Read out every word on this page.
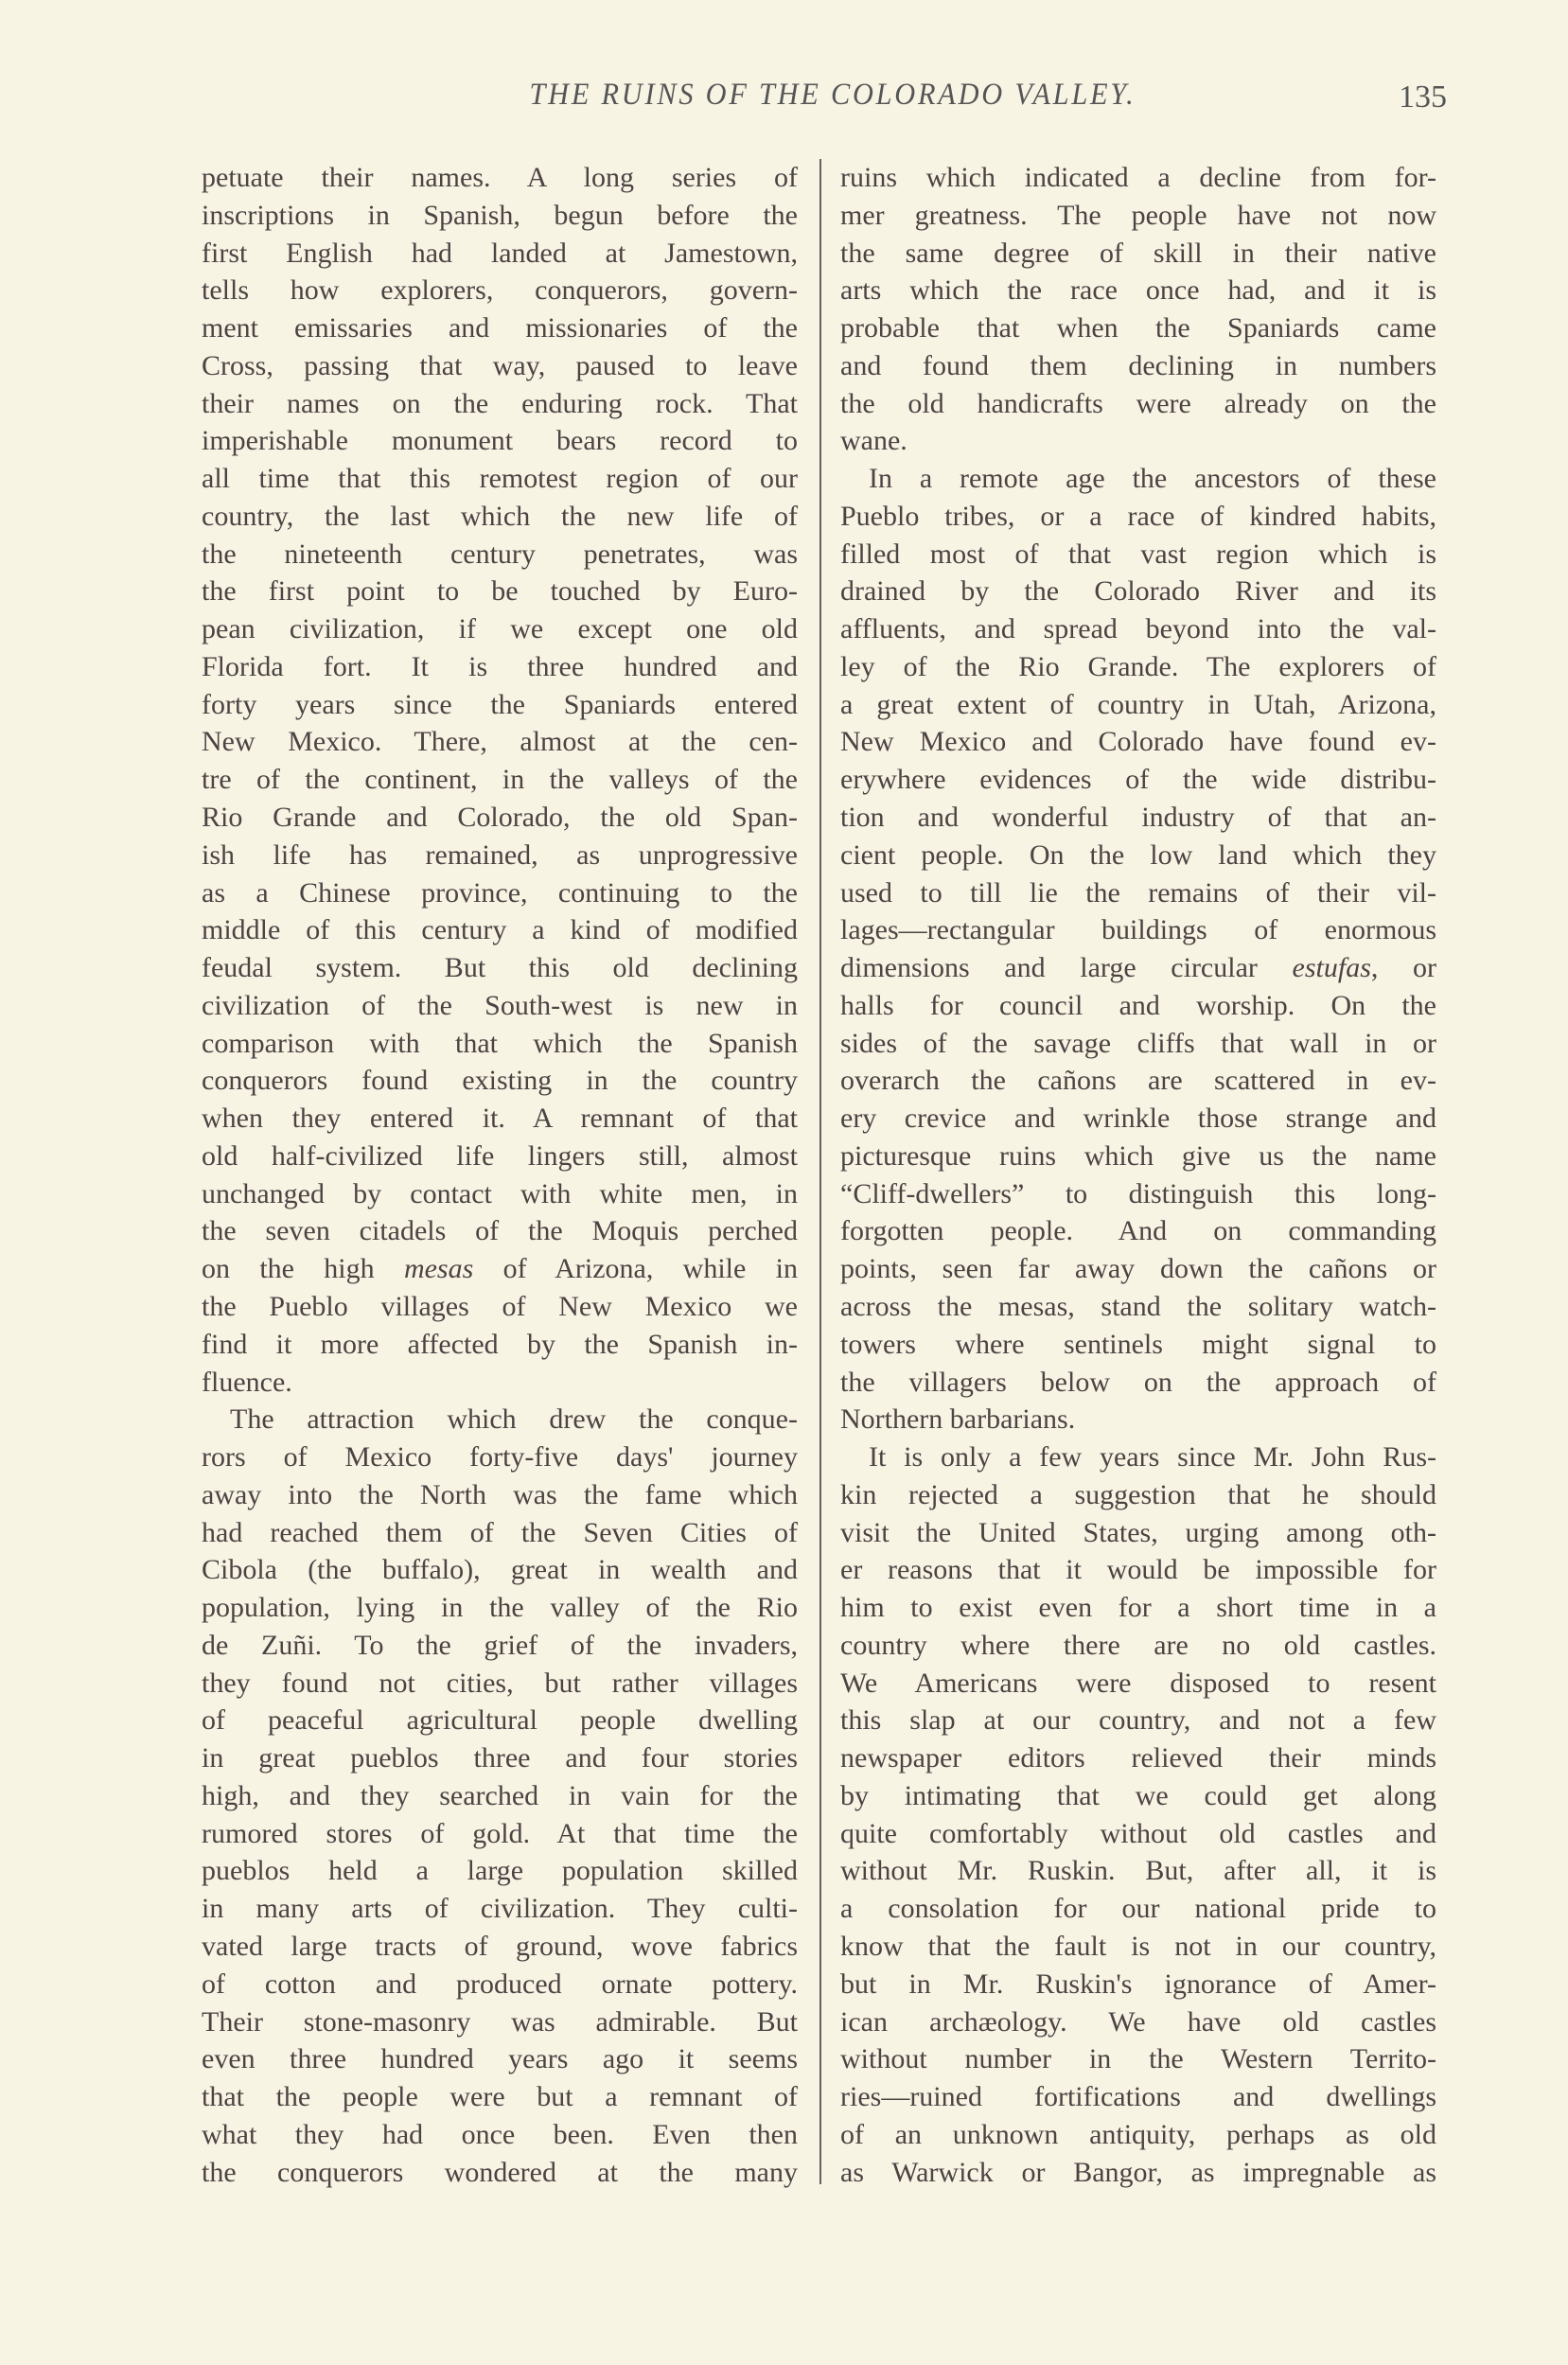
THE RUINS OF THE COLORADO VALLEY.	135
petuate their names. A long series of
inscriptions in Spanish, begun before the
first English had landed at Jamestown,
tells how explorers, conquerors, govern-
ment emissaries and missionaries of the
Cross, passing that way, paused to leave
their names on the enduring rock. That
imperishable monument bears record to
all time that this remotest region of our
country, the last which the new life of
the nineteenth century penetrates, was
the first point to be touched by Euro-
pean civilization, if we except one old
Florida fort. It is three hundred and
forty years since the Spaniards entered
New Mexico. There, almost at the cen-
tre of the continent, in the valleys of the
Rio Grande and Colorado, the old Span-
ish life has remained, as unprogressive
as a Chinese province, continuing to the
middle of this century a kind of modified
feudal system. But this old declining
civilization of the South-west is new in
comparison with that which the Spanish
conquerors found existing in the country
when they entered it. A remnant of that
old half-civilized life lingers still, almost
unchanged by contact with white men, in
the seven citadels of the Moquis perched
on the high mesas of Arizona, while in
the Pueblo villages of New Mexico we
find it more affected by the Spanish in-
fluence.
The attraction which drew the conque-
rors of Mexico forty-five days' journey
away into the North was the fame which
had reached them of the Seven Cities of
Cibola (the buffalo), great in wealth and
population, lying in the valley of the Rio
de Zuñi. To the grief of the invaders,
they found not cities, but rather villages
of peaceful agricultural people dwelling
in great pueblos three and four stories
high, and they searched in vain for the
rumored stores of gold. At that time the
pueblos held a large population skilled
in many arts of civilization. They culti-
vated large tracts of ground, wove fabrics
of cotton and produced ornate pottery.
Their stone-masonry was admirable. But
even three hundred years ago it seems
that the people were but a remnant of
what they had once been. Even then
the conquerors wondered at the many
ruins which indicated a decline from for-
mer greatness. The people have not now
the same degree of skill in their native
arts which the race once had, and it is
probable that when the Spaniards came
and found them declining in numbers
the old handicrafts were already on the
wane.
In a remote age the ancestors of these
Pueblo tribes, or a race of kindred habits,
filled most of that vast region which is
drained by the Colorado River and its
affluents, and spread beyond into the val-
ley of the Rio Grande. The explorers of
a great extent of country in Utah, Arizona,
New Mexico and Colorado have found ev-
erywhere evidences of the wide distribu-
tion and wonderful industry of that an-
cient people. On the low land which they
used to till lie the remains of their vil-
lages—rectangular buildings of enormous
dimensions and large circular estufas, or
halls for council and worship. On the
sides of the savage cliffs that wall in or
overarch the cañons are scattered in ev-
ery crevice and wrinkle those strange and
picturesque ruins which give us the name
“Cliff-dwellers” to distinguish this long-
forgotten people. And on commanding
points, seen far away down the cañons or
across the mesas, stand the solitary watch-
towers where sentinels might signal to
the villagers below on the approach of
Northern barbarians.
It is only a few years since Mr. John Rus-
kin rejected a suggestion that he should
visit the United States, urging among oth-
er reasons that it would be impossible for
him to exist even for a short time in a
country where there are no old castles.
We Americans were disposed to resent
this slap at our country, and not a few
newspaper editors relieved their minds
by intimating that we could get along
quite comfortably without old castles and
without Mr. Ruskin. But, after all, it is
a consolation for our national pride to
know that the fault is not in our country,
but in Mr. Ruskin's ignorance of Amer-
ican archæology. We have old castles
without number in the Western Territo-
ries—ruined fortifications and dwellings
of an unknown antiquity, perhaps as old
as Warwick or Bangor, as impregnable as
